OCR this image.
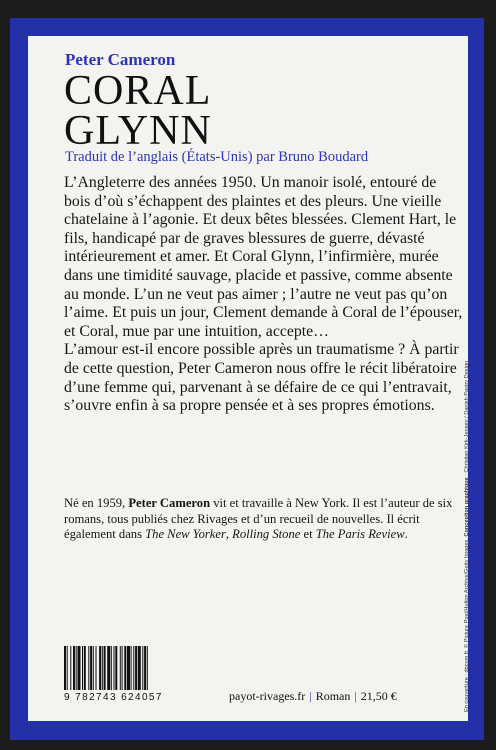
Peter Cameron
CORAL
GLYNN
Traduit de l’anglais (États-Unis) par Bruno Boudard

L’Angleterre des années 1950. Un manoir isolé, entouré de bois d’où s’échappent des plaintes et des pleurs. Une vieille chatelaine à l’agonie. Et deux bêtes blessées. Clement Hart, le fils, handicapé par de graves blessures de guerre, dévasté intérieurement et amer. Et Coral Glynn, l’infirmière, murée dans une timidité sauvage, placide et passive, comme absente au monde. L’un ne veut pas aimer ; l’autre ne veut pas qu’on l’aime. Et puis un jour, Clement demande à Coral de l’épouser, et Coral, mue par une intuition, accepte…

L’amour est-il encore possible après un traumatisme ? À partir de cette question, Peter Cameron nous offre le récit libératoire d’une femme qui, parvenant à se défaire de ce qui l’entravait, s’ouvre enfin à sa propre pensée et à ses propres émotions.

Né en 1959, Peter Cameron vit et travaille à New York. Il est l’auteur de six romans, tous publiés chez Rivages et d’un recueil de nouvelles. Il écrit également dans The New Yorker, Rolling Stone et The Paris Review.
9 782743 624057	payot-rivages.fr | Roman | 21,50 €	En couverture : dpcom.fr. © Picture Post/Hulton Archive/Getty Images. Conception graphique : Christian Kirk-Jensen / Danish Pastry Design
